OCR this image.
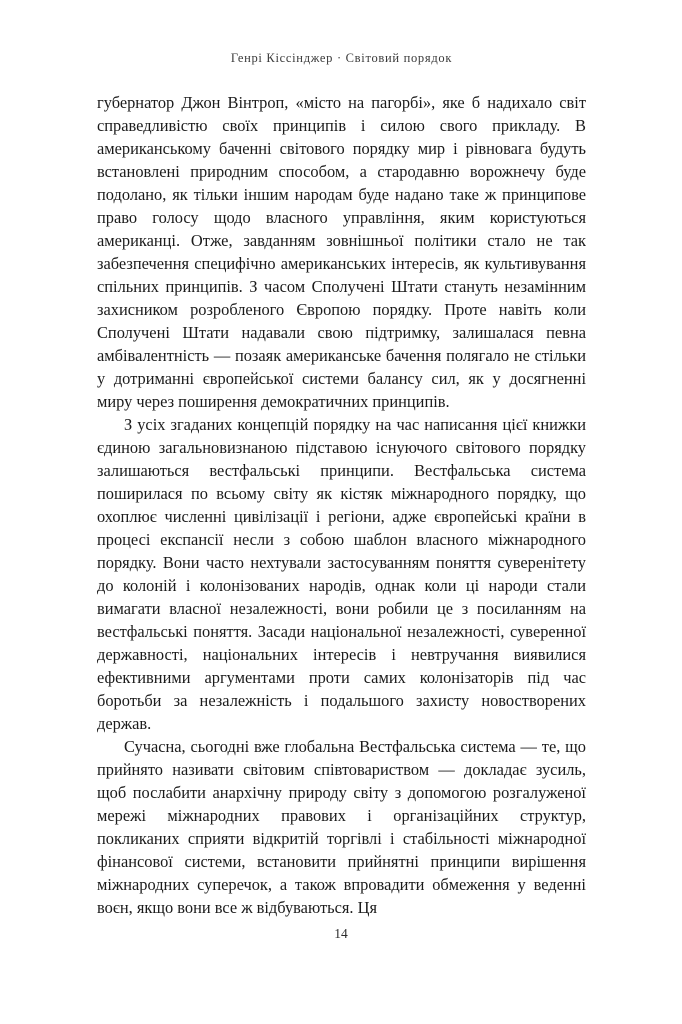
Генрі Кіссінджер · Світовий порядок

губернатор Джон Вінтроп, «місто на пагорбі», яке б надихало світ справедливістю своїх принципів і силою свого прикладу. В американському баченні світового порядку мир і рівновага будуть встановлені природним способом, а стародавню ворожнечу буде подолано, як тільки іншим народам буде надано таке ж принципове право голосу щодо власного управління, яким користуються американці. Отже, завданням зовнішньої політики стало не так забезпечення специфічно американських інтересів, як культивування спільних принципів. З часом Сполучені Штати стануть незамінним захисником розробленого Європою порядку. Проте навіть коли Сполучені Штати надавали свою підтримку, залишалася певна амбівалентність — позаяк американське бачення полягало не стільки у дотриманні європейської системи балансу сил, як у досягненні миру через поширення демократичних принципів.

З усіх згаданих концепцій порядку на час написання цієї книжки єдиною загальновизнаною підставою існуючого світового порядку залишаються вестфальські принципи. Вестфальська система поширилася по всьому світу як кістяк міжнародного порядку, що охоплює численні цивілізації і регіони, адже європейські країни в процесі експансії несли з собою шаблон власного міжнародного порядку. Вони часто нехтували застосуванням поняття суверенітету до колоній і колонізованих народів, однак коли ці народи стали вимагати власної незалежності, вони робили це з посиланням на вестфальські поняття. Засади національної незалежності, суверенної державності, національних інтересів і невтручання виявилися ефективними аргументами проти самих колонізаторів під час боротьби за незалежність і подальшого захисту новостворених держав.

Сучасна, сьогодні вже глобальна Вестфальська система — те, що прийнято називати світовим співтовариством — докладає зусиль, щоб послабити анархічну природу світу з допомогою розгалуженої мережі міжнародних правових і організаційних структур, покликаних сприяти відкритій торгівлі і стабільності міжнародної фінансової системи, встановити прийнятні принципи вирішення міжнародних суперечок, а також впровадити обмеження у веденні воєн, якщо вони все ж відбуваються. Ця

14
